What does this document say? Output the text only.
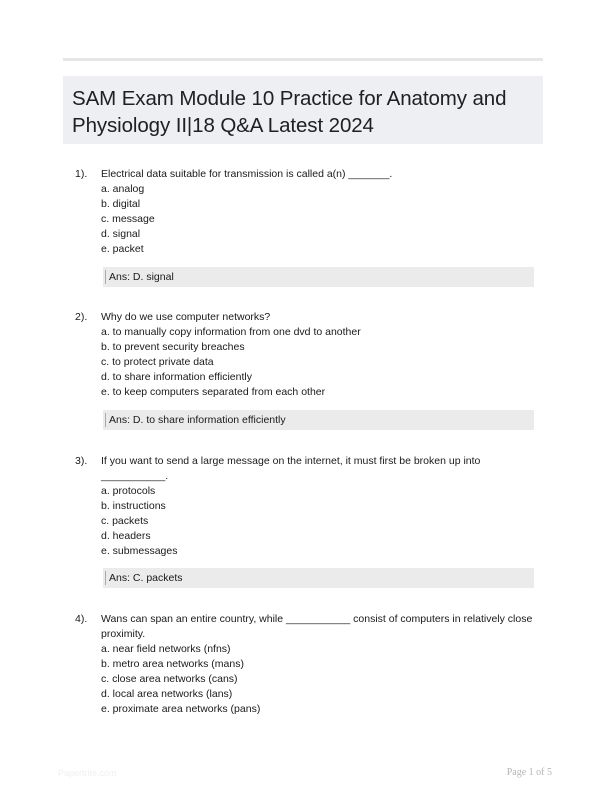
SAM Exam Module 10 Practice for Anatomy and Physiology II|18 Q&A Latest 2024
1). Electrical data suitable for transmission is called a(n) _______.
a. analog
b. digital
c. message
d. signal
e. packet
Ans: D. signal
2). Why do we use computer networks?
a. to manually copy information from one dvd to another
b. to prevent security breaches
c. to protect private data
d. to share information efficiently
e. to keep computers separated from each other
Ans: D. to share information efficiently
3). If you want to send a large message on the internet, it must first be broken up into ___________.
a. protocols
b. instructions
c. packets
d. headers
e. submessages
Ans: C. packets
4). Wans can span an entire country, while ___________ consist of computers in relatively close proximity.
a. near field networks (nfns)
b. metro area networks (mans)
c. close area networks (cans)
d. local area networks (lans)
e. proximate area networks (pans)
Papertrite.com	Page 1 of 5
